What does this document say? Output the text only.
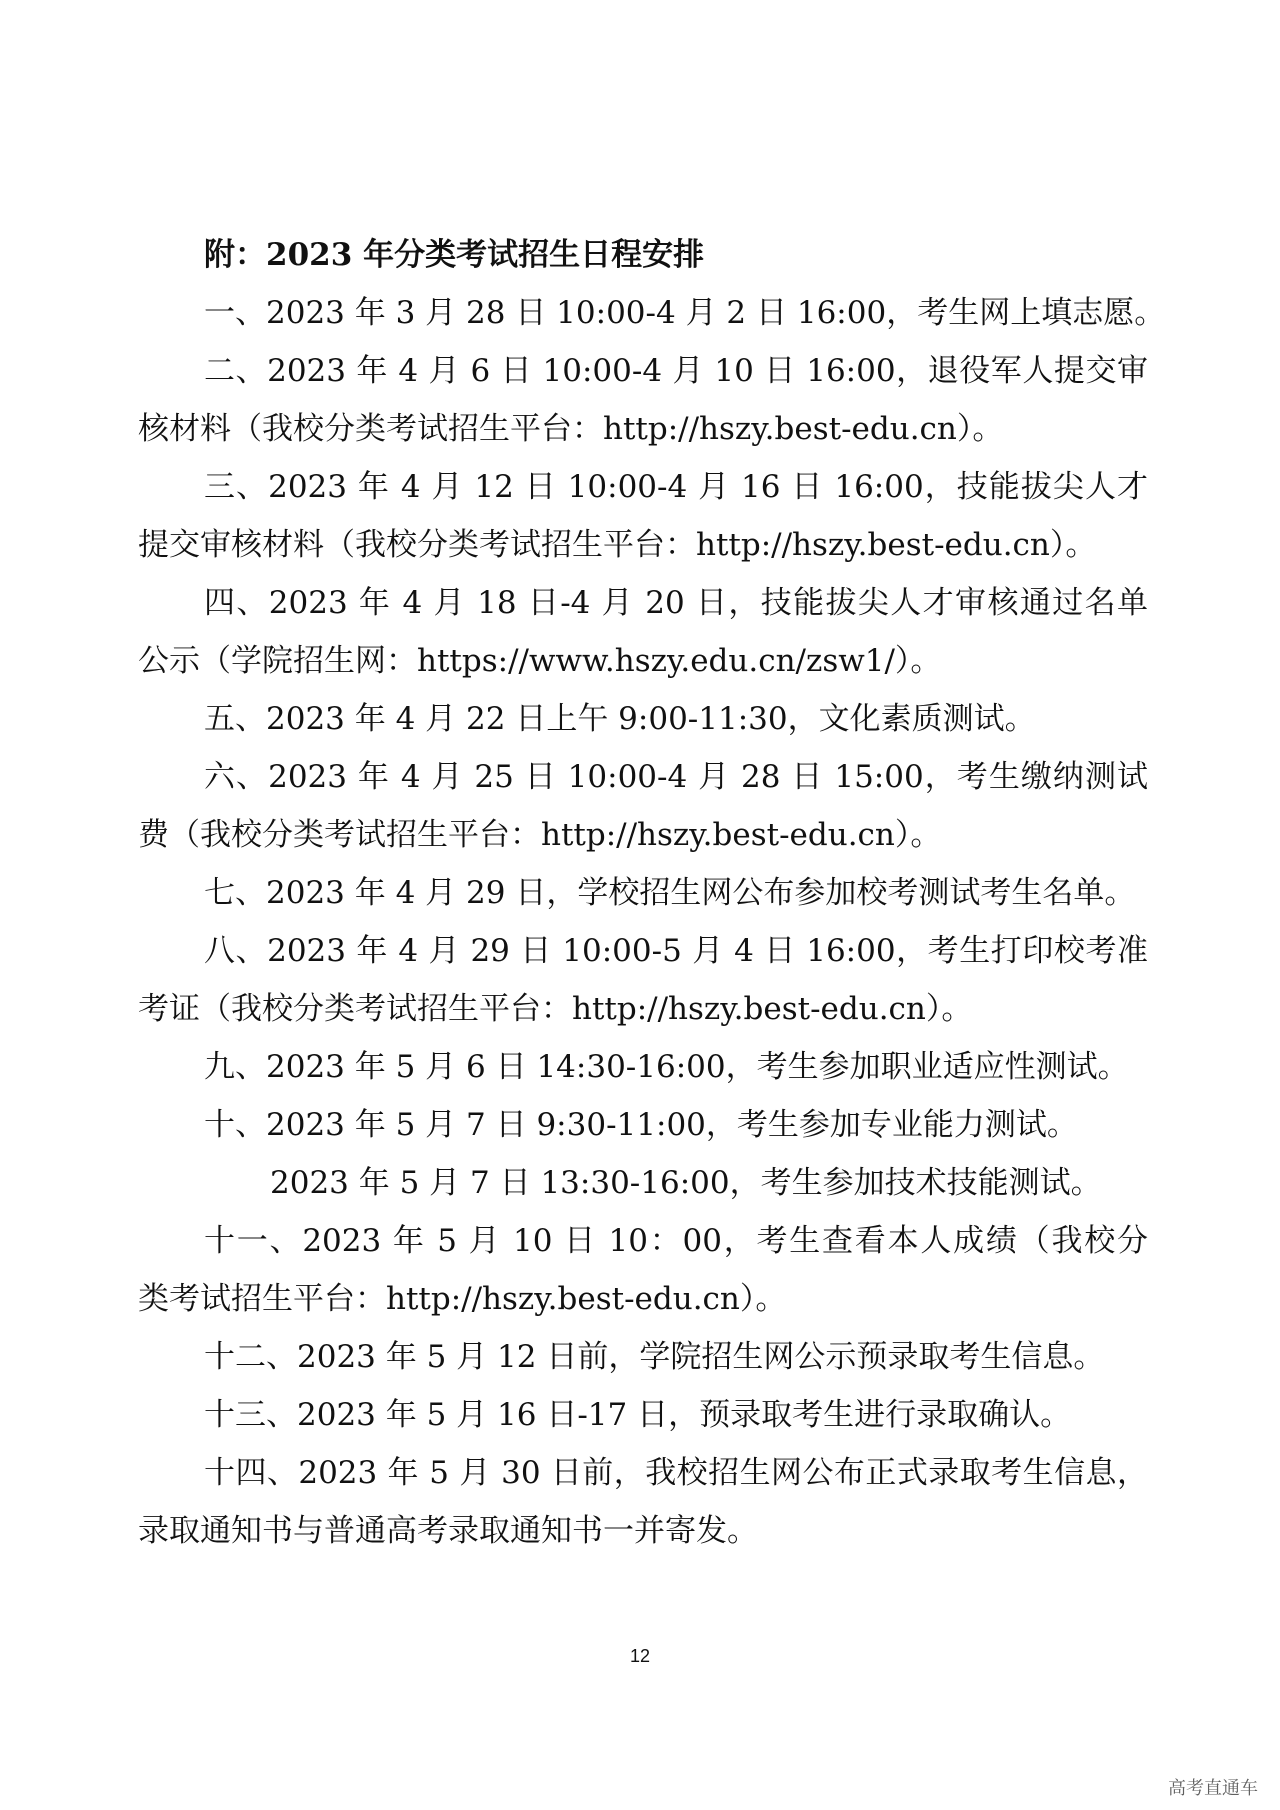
附：2023 年分类考试招生日程安排

一、2023 年 3 月 28 日 10:00-4 月 2 日 16:00，考生网上填志愿。

二、2023 年 4 月 6 日 10:00-4 月 10 日 16:00，退役军人提交审
核材料（我校分类考试招生平台：http://hszy.best-edu.cn）。

三、2023 年 4 月 12 日 10:00-4 月 16 日 16:00，技能拔尖人才
提交审核材料（我校分类考试招生平台：http://hszy.best-edu.cn）。

四、2023 年 4 月 18 日-4 月 20 日，技能拔尖人才审核通过名单
公示（学院招生网：https://www.hszy.edu.cn/zsw1/）。

五、2023 年 4 月 22 日上午 9:00-11:30，文化素质测试。

六、2023 年 4 月 25 日 10:00-4 月 28 日 15:00，考生缴纳测试
费（我校分类考试招生平台：http://hszy.best-edu.cn）。

七、2023 年 4 月 29 日，学校招生网公布参加校考测试考生名单。

八、2023 年 4 月 29 日 10:00-5 月 4 日 16:00，考生打印校考准
考证（我校分类考试招生平台：http://hszy.best-edu.cn）。

九、2023 年 5 月 6 日 14:30-16:00，考生参加职业适应性测试。

十、2023 年 5 月 7 日 9:30-11:00，考生参加专业能力测试。

2023 年 5 月 7 日 13:30-16:00，考生参加技术技能测试。

十一、2023 年 5 月 10 日 10：00，考生查看本人成绩（我校分
类考试招生平台：http://hszy.best-edu.cn）。

十二、2023 年 5 月 12 日前，学院招生网公示预录取考生信息。

十三、2023 年 5 月 16 日-17 日，预录取考生进行录取确认。

十四、2023 年 5 月 30 日前，我校招生网公布正式录取考生信息，
录取通知书与普通高考录取通知书一并寄发。

12
高考直通车
